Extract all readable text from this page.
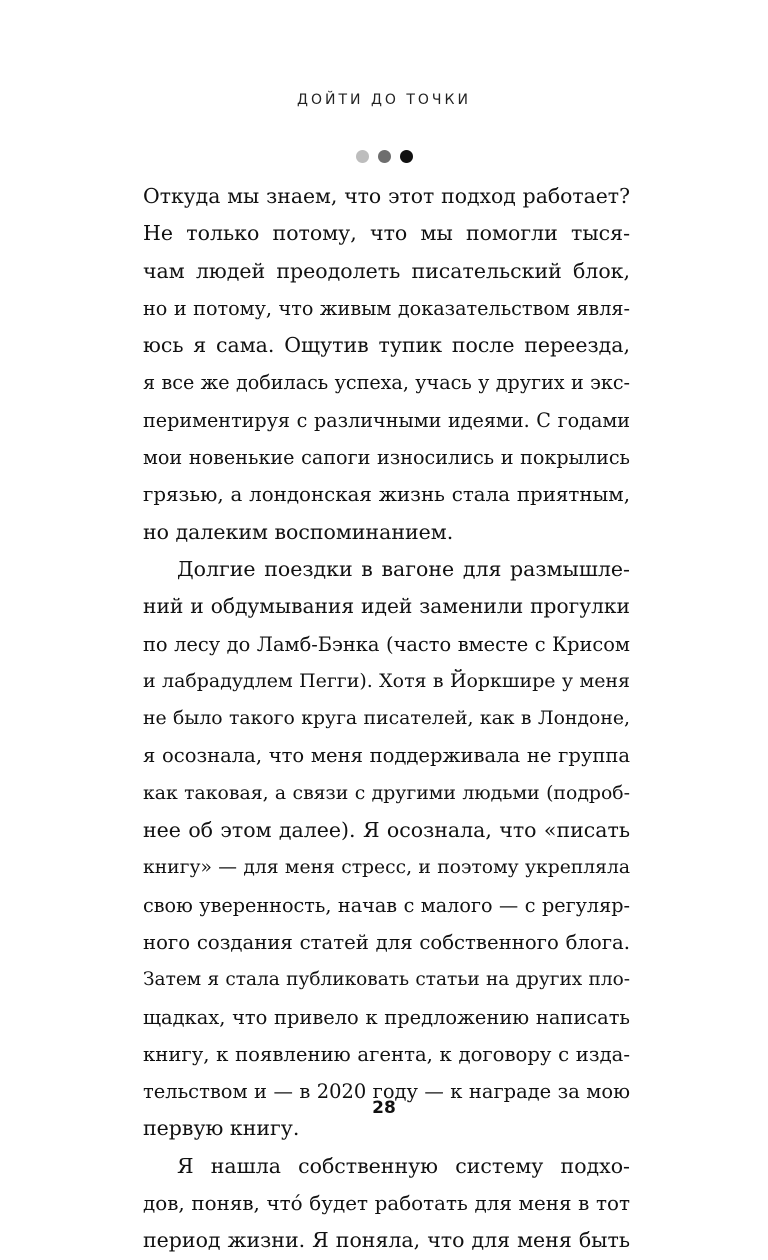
ДОЙТИ ДО ТОЧКИ
Откуда мы знаем, что этот подход работает?
Не только потому, что мы помогли тыся-
чам людей преодолеть писательский блок,
но и потому, что живым доказательством явля-
юсь я сама. Ощутив тупик после переезда,
я все же добилась успеха, учась у других и экс-
периментируя с различными идеями. С годами
мои новенькие сапоги износились и покрылись
грязью, а лондонская жизнь стала приятным,
но далеким воспоминанием.
Долгие поездки в вагоне для размышле-
ний и обдумывания идей заменили прогулки
по лесу до Ламб-Бэнка (часто вместе с Крисом
и лабрадудлем Пегги). Хотя в Йоркшире у меня
не было такого круга писателей, как в Лондоне,
я осознала, что меня поддерживала не группа
как таковая, а связи с другими людьми (подроб-
нее об этом далее). Я осознала, что «писать
книгу» — для меня стресс, и поэтому укрепляла
свою уверенность, начав с малого — с регуляр-
ного создания статей для собственного блога.
Затем я стала публиковать статьи на других пло-
щадках, что привело к предложению написать
книгу, к появлению агента, к договору с изда-
тельством и — в 2020 году — к награде за мою
первую книгу.
Я нашла собственную систему подхо-
дов, поняв, чтó будет работать для меня в тот
период жизни. Я поняла, что для меня быть
28
